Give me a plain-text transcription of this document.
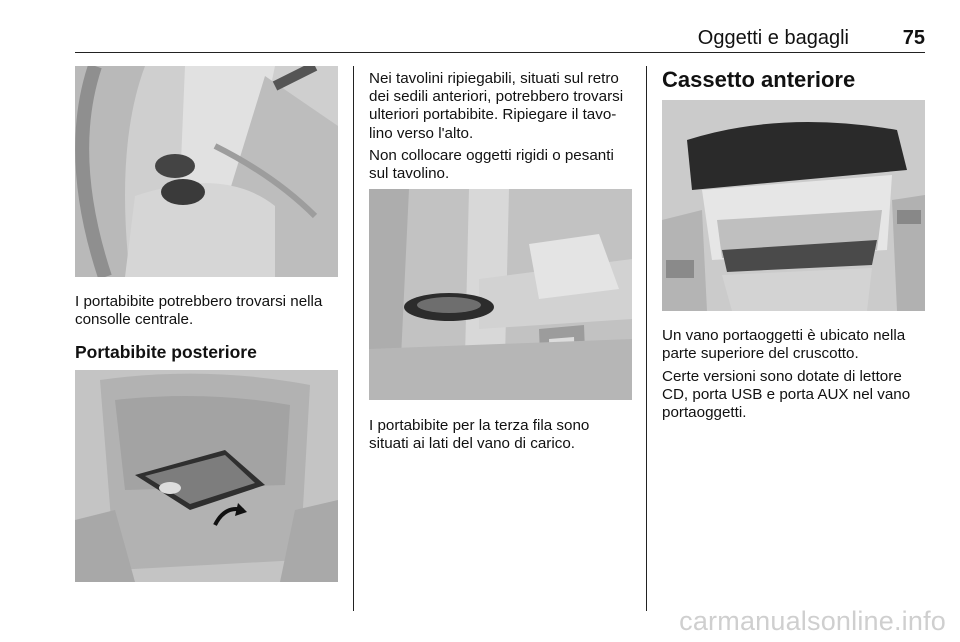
Oggetti e bagagli	75

I portabibite potrebbero trovarsi nella
consolle centrale.

Portabibite posteriore

Nei tavolini ripiegabili, situati sul retro
dei sedili anteriori, potrebbero trovarsi
ulteriori portabibite. Ripiegare il tavo-
lino verso l'alto.

Non collocare oggetti rigidi o pesanti
sul tavolino.

I portabibite per la terza fila sono
situati ai lati del vano di carico.

Cassetto anteriore

Un vano portaoggetti è ubicato nella
parte superiore del cruscotto.

Certe versioni sono dotate di lettore
CD, porta USB e porta AUX nel vano
portaoggetti.

carmanualsonline.info
